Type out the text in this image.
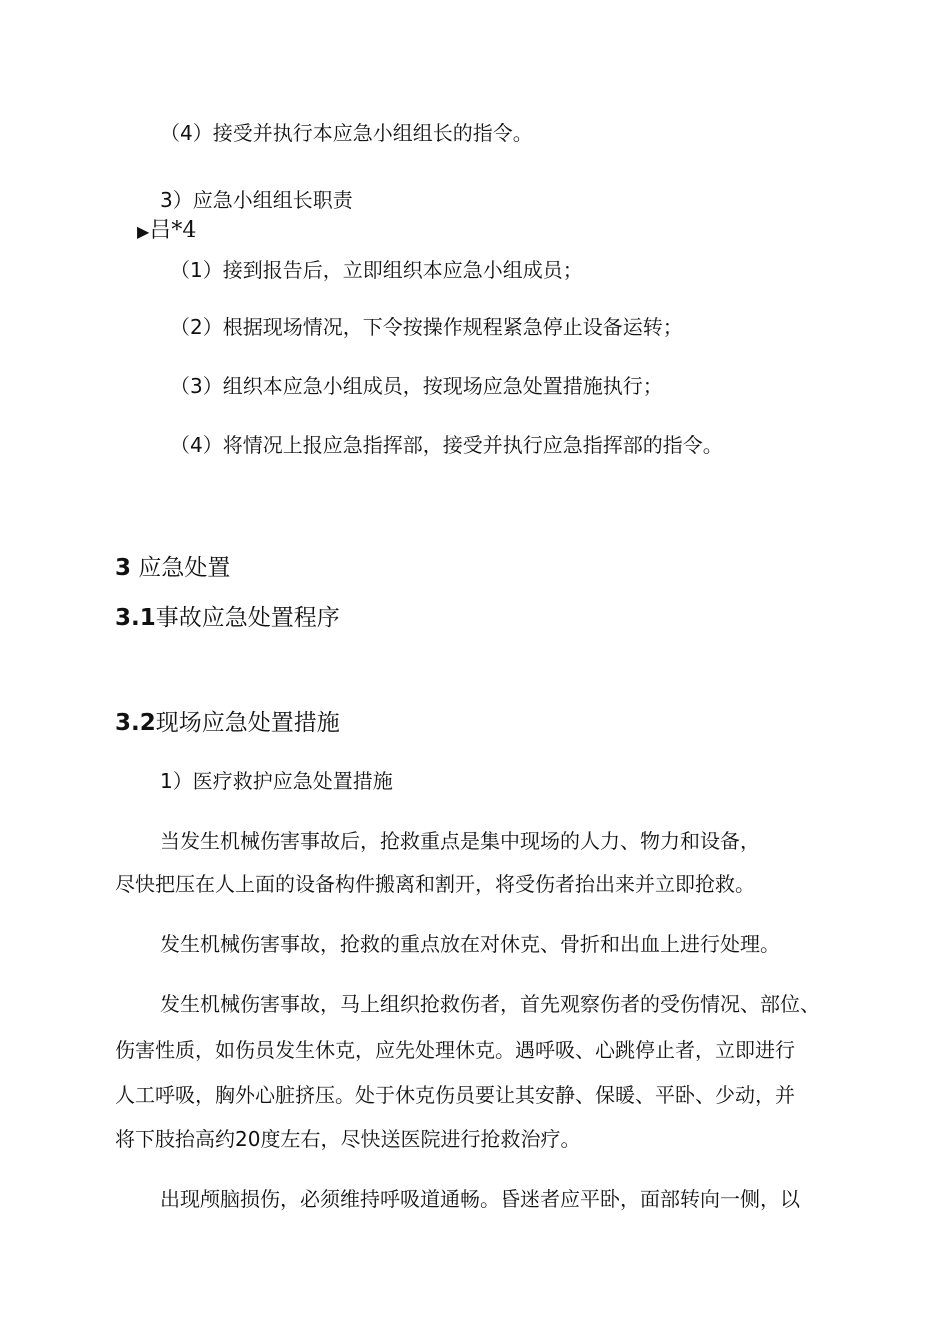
（4）接受并执行本应急小组组长的指令。
3）应急小组组长职责
▶吕*4
（1）接到报告后，立即组织本应急小组成员；
（2）根据现场情况，下令按操作规程紧急停止设备运转；
（3）组织本应急小组成员，按现场应急处置措施执行；
（4）将情况上报应急指挥部，接受并执行应急指挥部的指令。
3 应急处置
3.1事故应急处置程序
3.2现场应急处置措施
1）医疗救护应急处置措施
当发生机械伤害事故后，抢救重点是集中现场的人力、物力和设备，
尽快把压在人上面的设备构件搬离和割开，将受伤者抬出来并立即抢救。
发生机械伤害事故，抢救的重点放在对休克、骨折和出血上进行处理。
发生机械伤害事故，马上组织抢救伤者，首先观察伤者的受伤情况、部位、
伤害性质，如伤员发生休克，应先处理休克。遇呼吸、心跳停止者，立即进行
人工呼吸，胸外心脏挤压。处于休克伤员要让其安静、保暖、平卧、少动，并
将下肢抬高约20度左右，尽快送医院进行抢救治疗。
出现颅脑损伤，必须维持呼吸道通畅。昏迷者应平卧，面部转向一侧，以
